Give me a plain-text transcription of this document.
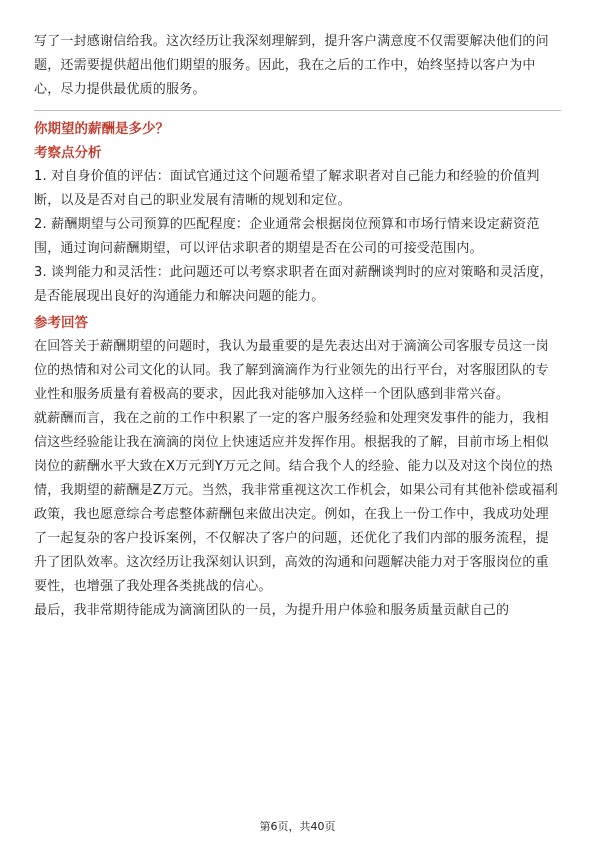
写了一封感谢信给我。这次经历让我深刻理解到，提升客户满意度不仅需要解决他们的问题，还需要提供超出他们期望的服务。因此，我在之后的工作中，始终坚持以客户为中心，尽力提供最优质的服务。

你期望的薪酬是多少？
考察点分析

1. 对自身价值的评估：面试官通过这个问题希望了解求职者对自己能力和经验的价值判断，以及是否对自己的职业发展有清晰的规划和定位。

2. 薪酬期望与公司预算的匹配程度：企业通常会根据岗位预算和市场行情来设定薪资范围，通过询问薪酬期望，可以评估求职者的期望是否在公司的可接受范围内。

3. 谈判能力和灵活性：此问题还可以考察求职者在面对薪酬谈判时的应对策略和灵活度，是否能展现出良好的沟通能力和解决问题的能力。

参考回答

在回答关于薪酬期望的问题时，我认为最重要的是先表达出对于滴滴公司客服专员这一岗位的热情和对公司文化的认同。我了解到滴滴作为行业领先的出行平台，对客服团队的专业性和服务质量有着极高的要求，因此我对能够加入这样一个团队感到非常兴奋。

就薪酬而言，我在之前的工作中积累了一定的客户服务经验和处理突发事件的能力，我相信这些经验能让我在滴滴的岗位上快速适应并发挥作用。根据我的了解，目前市场上相似岗位的薪酬水平大致在X万元到Y万元之间。结合我个人的经验、能力以及对这个岗位的热情，我期望的薪酬是Z万元。当然，我非常重视这次工作机会，如果公司有其他补偿或福利政策，我也愿意综合考虑整体薪酬包来做出决定。例如，在我上一份工作中，我成功处理了一起复杂的客户投诉案例，不仅解决了客户的问题，还优化了我们内部的服务流程，提升了团队效率。这次经历让我深刻认识到，高效的沟通和问题解决能力对于客服岗位的重要性，也增强了我处理各类挑战的信心。

最后，我非常期待能成为滴滴团队的一员，为提升用户体验和服务质量贡献自己的

第6页，共40页
